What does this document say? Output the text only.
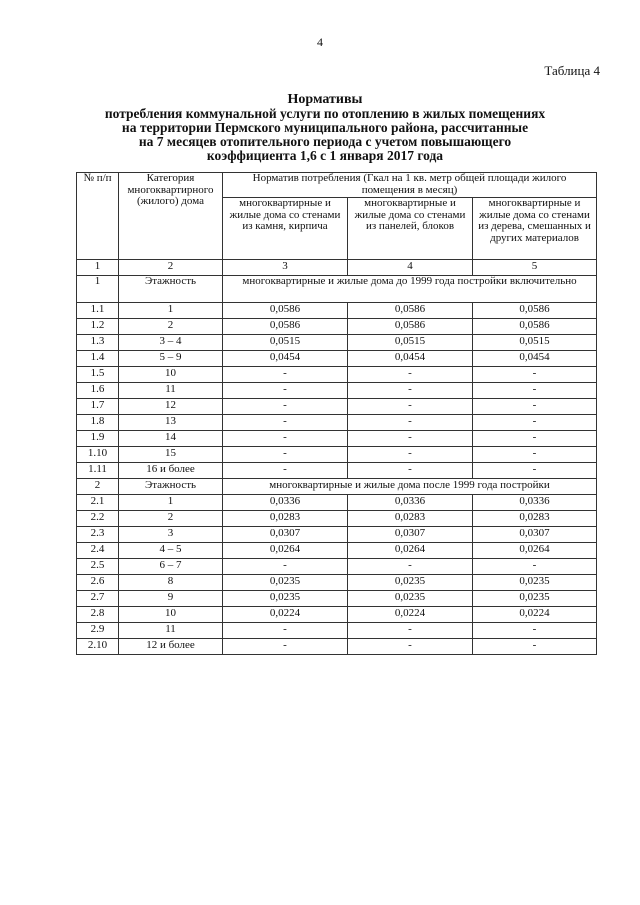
4
Таблица 4
Нормативы
потребления коммунальной услуги по отоплению в жилых помещениях
на территории Пермского муниципального района, рассчитанные
на 7 месяцев отопительного периода с учетом повышающего
коэффициента 1,6 с 1 января 2017 года
№ п/п	Категория многоквартирного (жилого) дома	Норматив потребления (Гкал на 1 кв. метр общей площади жилого помещения в месяц)		
		многоквартирные и жилые дома со стенами из камня, кирпича	многоквартирные и жилые дома со стенами из панелей, блоков	многоквартирные и жилые дома со стенами из дерева, смешанных и других материалов
1	2	3	4	5
1	Этажность	многоквартирные и жилые дома до 1999 года постройки включительно		
1.1	1	0,0586	0,0586	0,0586
1.2	2	0,0586	0,0586	0,0586
1.3	3 – 4	0,0515	0,0515	0,0515
1.4	5 – 9	0,0454	0,0454	0,0454
1.5	10	-	-	-
1.6	11	-	-	-
1.7	12	-	-	-
1.8	13	-	-	-
1.9	14	-	-	-
1.10	15	-	-	-
1.11	16 и более	-	-	-
2	Этажность	многоквартирные и жилые дома после 1999 года постройки		
2.1	1	0,0336	0,0336	0,0336
2.2	2	0,0283	0,0283	0,0283
2.3	3	0,0307	0,0307	0,0307
2.4	4 – 5	0,0264	0,0264	0,0264
2.5	6 – 7	-	-	-
2.6	8	0,0235	0,0235	0,0235
2.7	9	0,0235	0,0235	0,0235
2.8	10	0,0224	0,0224	0,0224
2.9	11	-	-	-
2.10	12 и более	-	-	-
